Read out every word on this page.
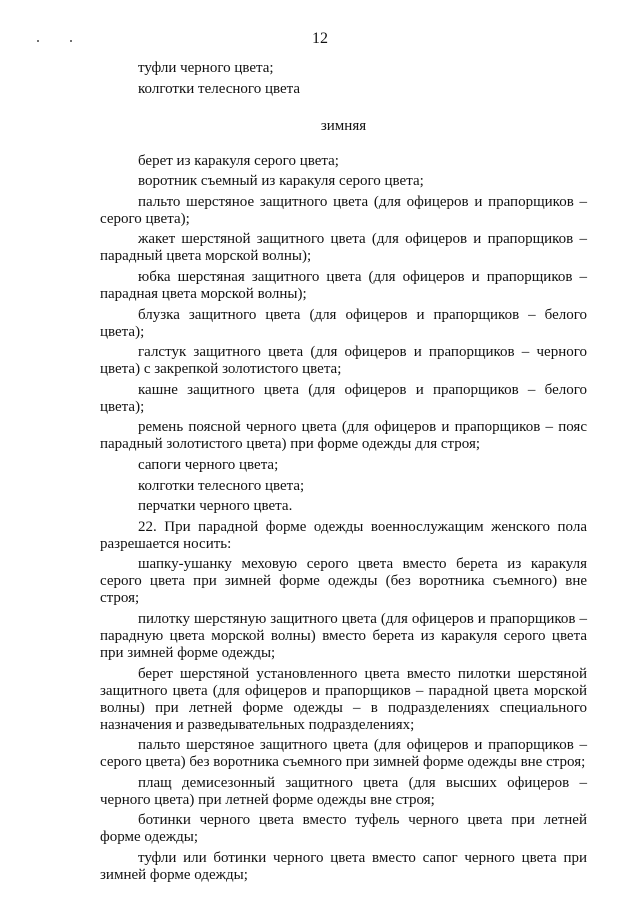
12

туфли черного цвета;

колготки телесного цвета

зимняя

берет из каракуля серого цвета;

воротник съемный из каракуля серого цвета;

пальто шерстяное защитного цвета (для офицеров и прапорщиков – серого цвета);

жакет шерстяной защитного цвета (для офицеров и прапорщиков – парадный цвета морской волны);

юбка шерстяная защитного цвета (для офицеров и прапорщиков – парадная цвета морской волны);

блузка защитного цвета (для офицеров и прапорщиков – белого цвета);

галстук защитного цвета (для офицеров и прапорщиков – черного цвета) с закрепкой золотистого цвета;

кашне защитного цвета (для офицеров и прапорщиков – белого цвета);

ремень поясной черного цвета (для офицеров и прапорщиков – пояс парадный золотистого цвета) при форме одежды для строя;

сапоги черного цвета;

колготки телесного цвета;

перчатки черного цвета.

22. При парадной форме одежды военнослужащим женского пола разрешается носить:

шапку-ушанку меховую серого цвета вместо берета из каракуля серого цвета при зимней форме одежды (без воротника съемного) вне строя;

пилотку шерстяную защитного цвета (для офицеров и прапорщиков – парадную цвета морской волны) вместо берета из каракуля серого цвета при зимней форме одежды;

берет шерстяной установленного цвета вместо пилотки шерстяной защитного цвета (для офицеров и прапорщиков – парадной цвета морской волны) при летней форме одежды – в подразделениях специального назначения и разведывательных подразделениях;

пальто шерстяное защитного цвета (для офицеров и прапорщиков – серого цвета) без воротника съемного при зимней форме одежды вне строя;

плащ демисезонный защитного цвета (для высших офицеров – черного цвета) при летней форме одежды вне строя;

ботинки черного цвета вместо туфель черного цвета при летней форме одежды;

туфли или ботинки черного цвета вместо сапог черного цвета при зимней форме одежды;
